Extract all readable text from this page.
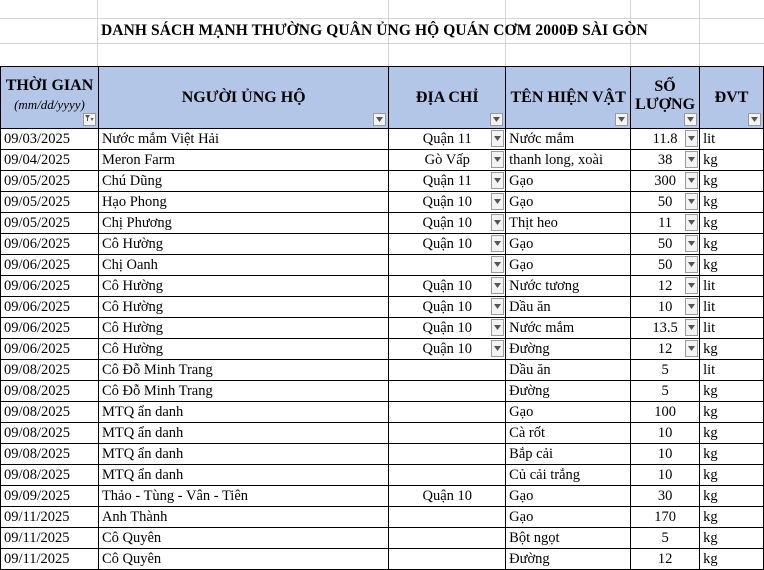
DANH SÁCH MẠNH THƯỜNG QUÂN ỦNG HỘ QUÁN CƠM 2000Đ SÀI GÒN
THỜI GIAN
(mm/dd/yyyy)	NGƯỜI ỦNG HỘ	ĐỊA CHỈ	TÊN HIỆN VẬT	SỐ
LƯỢNG	ĐVT

09/03/2025	Nước mắm Việt Hải	Quận 11	Nước mắm	11.8	lit
09/04/2025	Meron Farm	Gò Vấp	thanh long, xoài	38	kg
09/05/2025	Chú Dũng	Quận 11	Gạo	300	kg
09/05/2025	Hạo Phong	Quận 10	Gạo	50	kg
09/05/2025	Chị Phương	Quận 10	Thịt heo	11	kg
09/06/2025	Cô Hường	Quận 10	Gạo	50	kg
09/06/2025	Chị Oanh		Gạo	50	kg
09/06/2025	Cô Hường	Quận 10	Nước tương	12	lit
09/06/2025	Cô Hường	Quận 10	Dầu ăn	10	lit
09/06/2025	Cô Hường	Quận 10	Nước mắm	13.5	lit
09/06/2025	Cô Hường	Quận 10	Đường	12	kg
09/08/2025	Cô Đỗ Minh Trang		Dầu ăn	5	lit
09/08/2025	Cô Đỗ Minh Trang		Đường	5	kg
09/08/2025	MTQ ẩn danh		Gạo	100	kg
09/08/2025	MTQ ẩn danh		Cà rốt	10	kg
09/08/2025	MTQ ẩn danh		Bắp cải	10	kg
09/08/2025	MTQ ẩn danh		Củ cải trắng	10	kg
09/09/2025	Thảo - Tùng - Vân - Tiên	Quận 10	Gạo	30	kg
09/11/2025	Anh Thành		Gạo	170	kg
09/11/2025	Cô Quyên		Bột ngọt	5	kg
09/11/2025	Cô Quyên		Đường	12	kg
